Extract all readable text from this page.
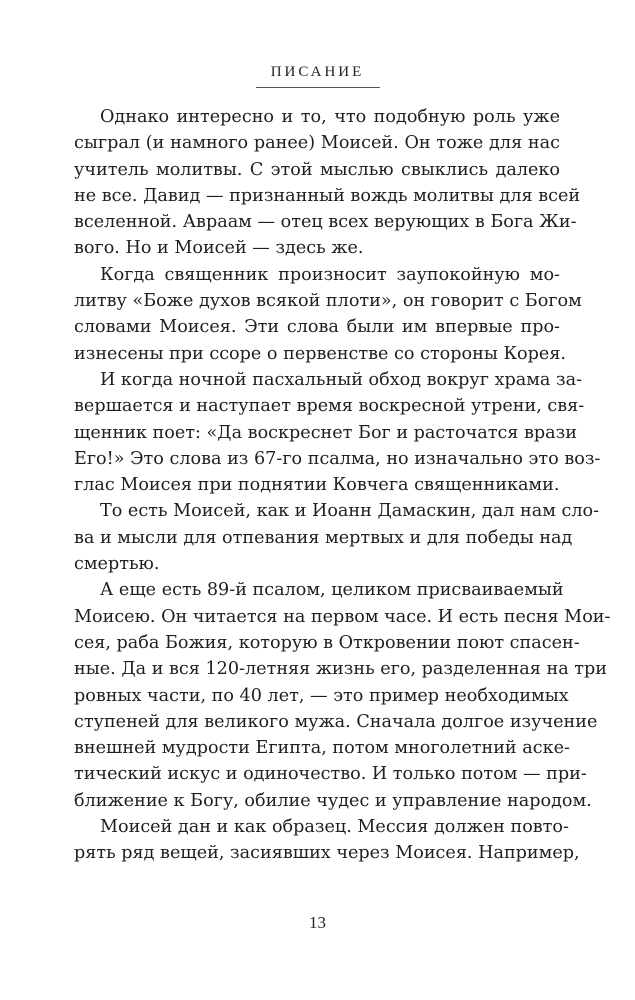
ПИСАНИЕ
Однако интересно и то, что подобную роль уже
сыграл (и намного ранее) Моисей. Он тоже для нас
учитель молитвы. С этой мыслью свыклись далеко
не все. Давид — признанный вождь молитвы для всей
вселенной. Авраам — отец всех верующих в Бога Жи-
вого. Но и Моисей — здесь же.
Когда священник произносит заупокойную мо-
литву «Боже духов всякой плоти», он говорит с Богом
словами Моисея. Эти слова были им впервые про-
изнесены при ссоре о первенстве со стороны Корея.
И когда ночной пасхальный обход вокруг храма за-
вершается и наступает время воскресной утрени, свя-
щенник поет: «Да воскреснет Бог и расточатся врази
Его!» Это слова из 67-го псалма, но изначально это воз-
глас Моисея при поднятии Ковчега священниками.
То есть Моисей, как и Иоанн Дамаскин, дал нам сло-
ва и мысли для отпевания мертвых и для победы над
смертью.
А еще есть 89-й псалом, целиком присваиваемый
Моисею. Он читается на первом часе. И есть песня Мои-
сея, раба Божия, которую в Откровении поют спасен-
ные. Да и вся 120-летняя жизнь его, разделенная на три
ровных части, по 40 лет, — это пример необходимых
ступеней для великого мужа. Сначала долгое изучение
внешней мудрости Египта, потом многолетний аске-
тический искус и одиночество. И только потом — при-
ближение к Богу, обилие чудес и управление народом.
Моисей дан и как образец. Мессия должен повто-
рять ряд вещей, засиявших через Моисея. Например,
13
